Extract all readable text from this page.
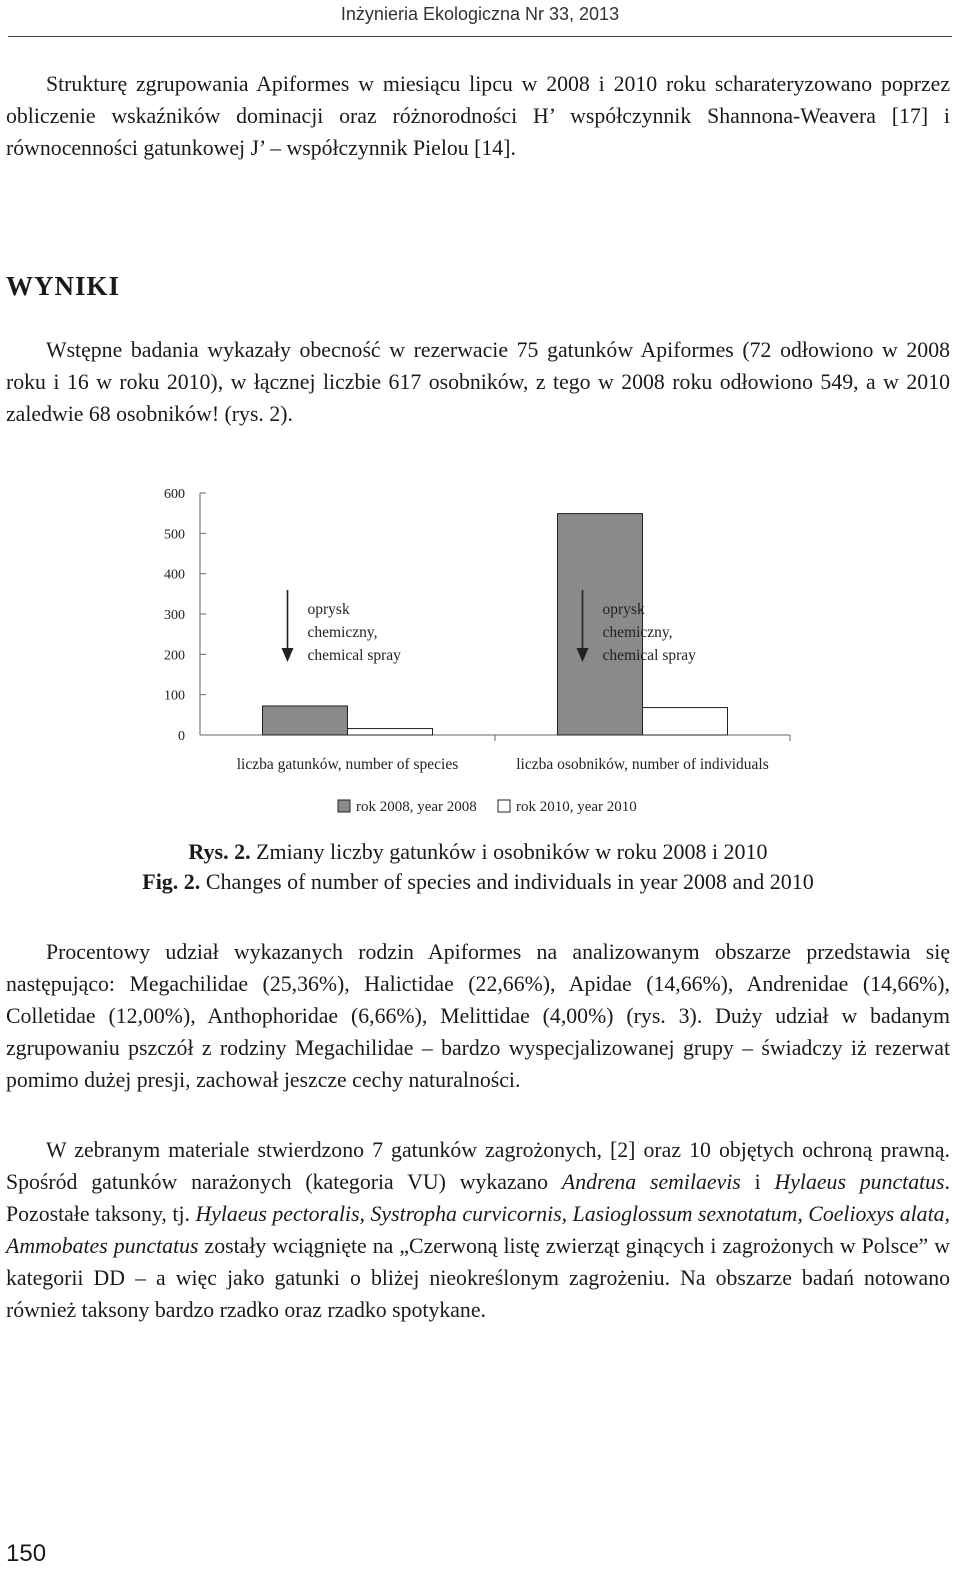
Inżynieria Ekologiczna Nr 33, 2013

Strukturę zgrupowania Apiformes w miesiącu lipcu w 2008 i 2010 roku scharateryzowano poprzez obliczenie wskaźników dominacji oraz różnorodności H’ współczynnik Shannona-Weavera [17] i równocenności gatunkowej J’ – współczynnik Pielou [14].

WYNIKI

Wstępne badania wykazały obecność w rezerwacie 75 gatunków Apiformes (72 odłowiono w 2008 roku i 16 w roku 2010), w łącznej liczbie 617 osobników, z tego w 2008 roku odłowiono 549, a w 2010 zaledwie 68 osobników! (rys. 2).

0
100
200
300
400
500
600
liczba gatunków, number of species	liczba osobników, number of individuals
oprysk
chemiczny,
chemical spray
oprysk
chemiczny,
chemical spray
rok 2008, year 2008	rok 2010, year 2010

Rys. 2. Zmiany liczby gatunków i osobników w roku 2008 i 2010

Fig. 2. Changes of number of species and individuals in year 2008 and 2010

Procentowy udział wykazanych rodzin Apiformes na analizowanym obszarze przedstawia się następująco: Megachilidae (25,36%), Halictidae (22,66%), Apidae (14,66%), Andrenidae (14,66%), Colletidae (12,00%), Anthophoridae (6,66%), Melittidae (4,00%) (rys. 3). Duży udział w badanym zgrupowaniu pszczół z rodziny Megachilidae – bardzo wyspecjalizowanej grupy – świadczy iż rezerwat pomimo dużej presji, zachował jeszcze cechy naturalności.

W zebranym materiale stwierdzono 7 gatunków zagrożonych, [2] oraz 10 objętych ochroną prawną. Spośród gatunków narażonych (kategoria VU) wykazano Andrena semilaevis i Hylaeus punctatus. Pozostałe taksony, tj. Hylaeus pectoralis, Systropha curvicornis, Lasioglossum sexnotatum, Coelioxys alata, Ammobates punctatus zostały wciągnięte na „Czerwoną listę zwierząt ginących i zagrożonych w Polsce” w kategorii DD – a więc jako gatunki o bliżej nieokreślonym zagrożeniu. Na obszarze badań notowano również taksony bardzo rzadko oraz rzadko spotykane.

150
